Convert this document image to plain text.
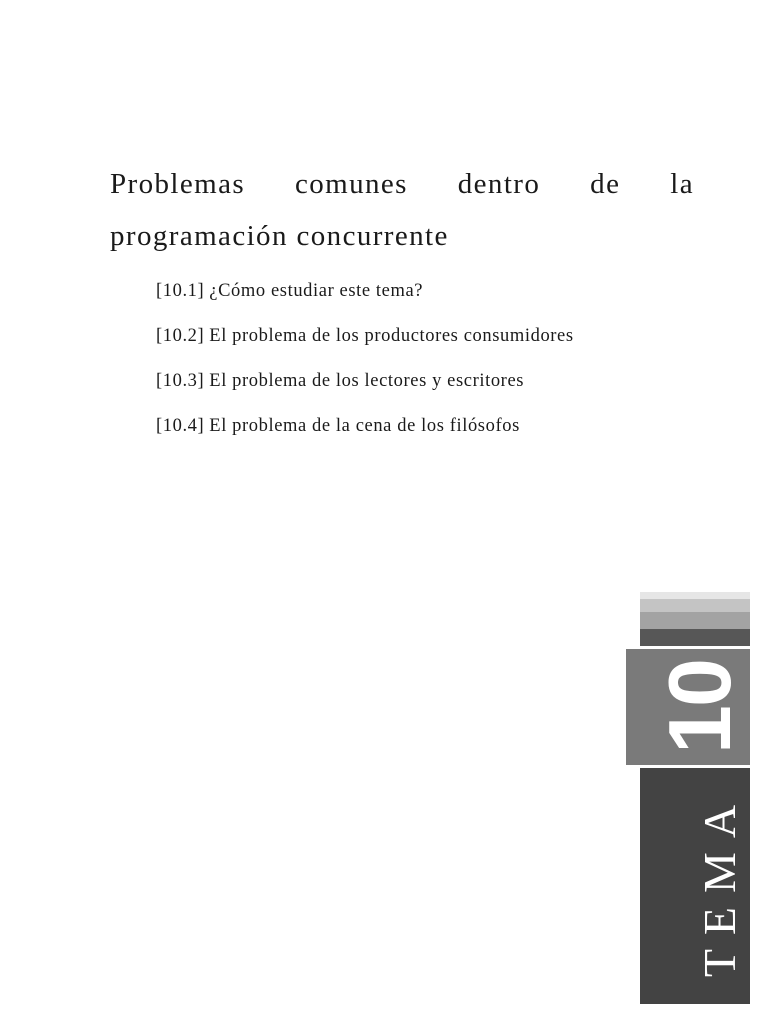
Problemas comunes dentro de la programación concurrente
[10.1] ¿Cómo estudiar este tema?
[10.2] El problema de los productores consumidores
[10.3] El problema de los lectores y escritores
[10.4] El problema de la cena de los filósofos
10
TEMA
